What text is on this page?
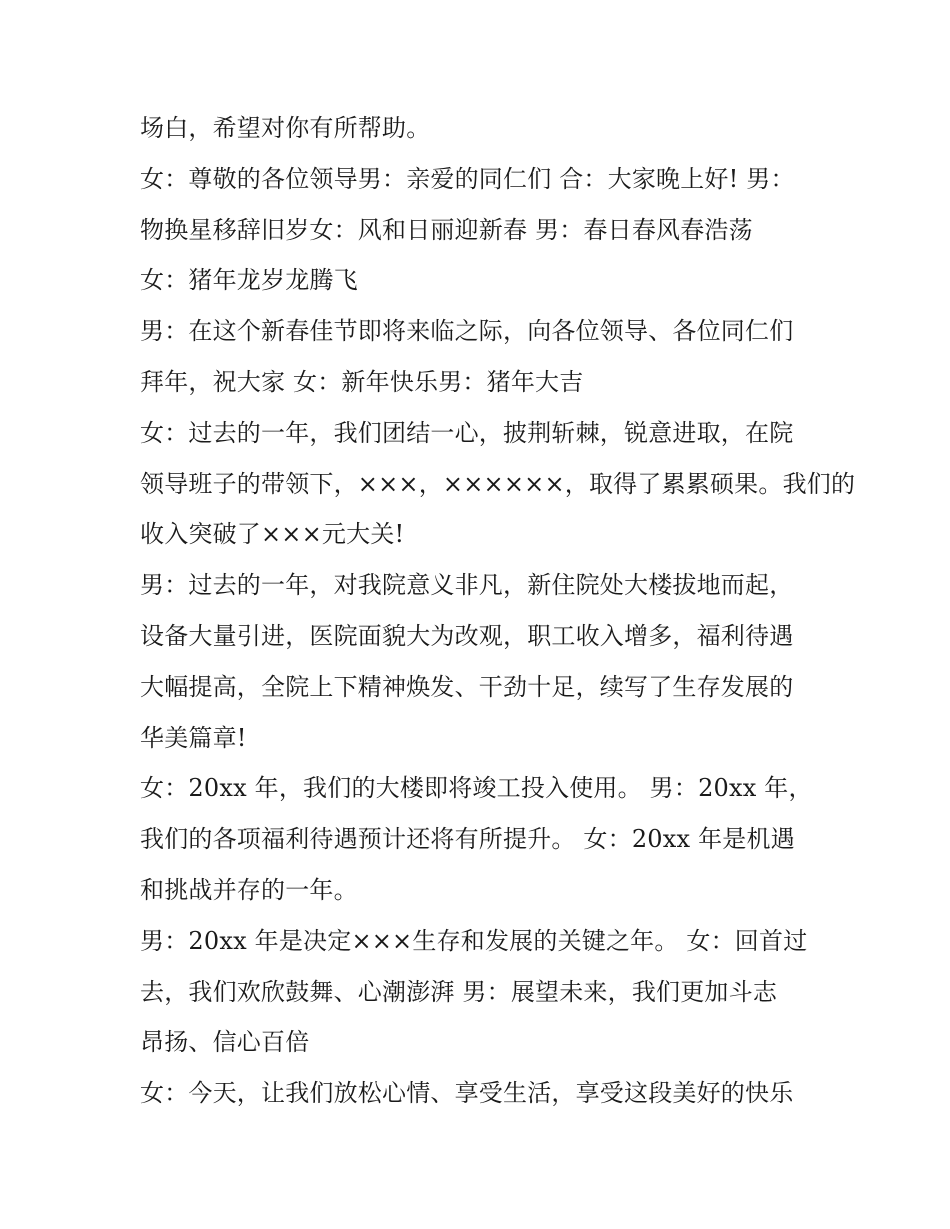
场白，希望对你有所帮助。
女：尊敬的各位领导男：亲爱的同仁们 合：大家晚上好! 男：
物换星移辞旧岁女：风和日丽迎新春 男：春日春风春浩荡
女：猪年龙岁龙腾飞
男：在这个新春佳节即将来临之际，向各位领导、各位同仁们
拜年，祝大家 女：新年快乐男：猪年大吉
女：过去的一年，我们团结一心，披荆斩棘，锐意进取，在院
领导班子的带领下，×××，××××××，取得了累累硕果。我们的
收入突破了×××元大关!
男：过去的一年，对我院意义非凡，新住院处大楼拔地而起，
设备大量引进，医院面貌大为改观，职工收入增多，福利待遇
大幅提高，全院上下精神焕发、干劲十足，续写了生存发展的
华美篇章!
女：20xx 年，我们的大楼即将竣工投入使用。 男：20xx 年，
我们的各项福利待遇预计还将有所提升。 女：20xx 年是机遇
和挑战并存的一年。
男：20xx 年是决定×××生存和发展的关键之年。 女：回首过
去，我们欢欣鼓舞、心潮澎湃 男：展望未来，我们更加斗志
昂扬、信心百倍
女：今天，让我们放松心情、享受生活，享受这段美好的快乐
